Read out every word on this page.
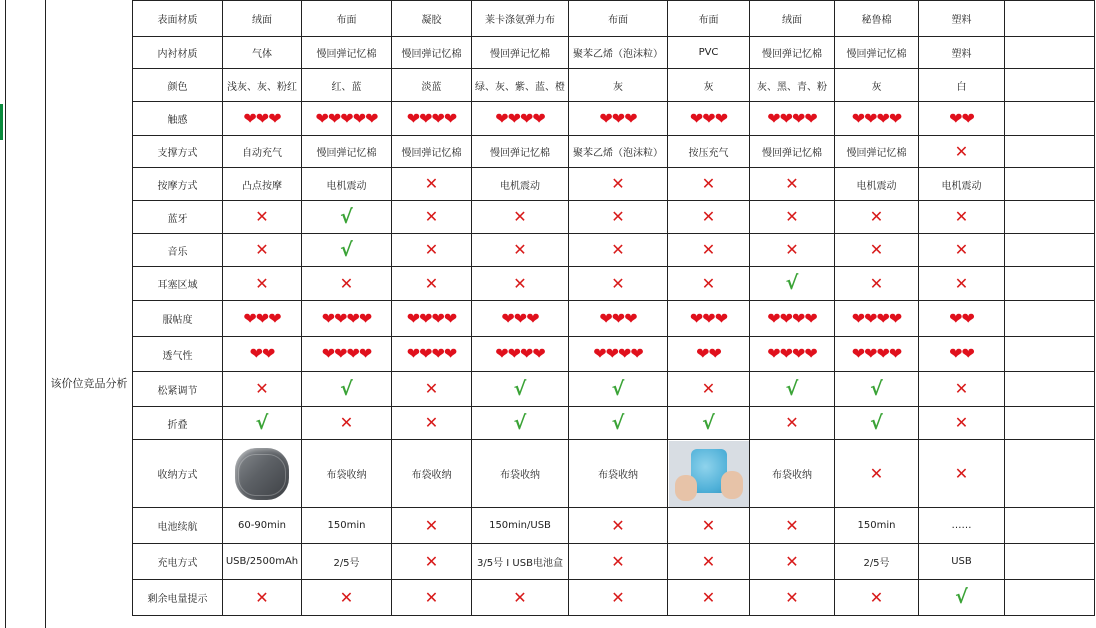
该价位竞品分析
表面材质	绒面	布面	凝胶	莱卡涤氨弹力布	布面	布面	绒面	秘鲁棉	塑料	
内衬材质	气体	慢回弹记忆棉	慢回弹记忆棉	慢回弹记忆棉	聚苯乙烯（泡沫粒）	PVC	慢回弹记忆棉	慢回弹记忆棉	塑料	
颜色	浅灰、灰、粉红	红、蓝	淡蓝	绿、灰、紫、蓝、橙	灰	灰	灰、黑、青、粉	灰	白	
触感	❤❤❤	❤❤❤❤❤	❤❤❤❤	❤❤❤❤	❤❤❤	❤❤❤	❤❤❤❤	❤❤❤❤	❤❤	
支撑方式	自动充气	慢回弹记忆棉	慢回弹记忆棉	慢回弹记忆棉	聚苯乙烯（泡沫粒）	按压充气	慢回弹记忆棉	慢回弹记忆棉	✕	
按摩方式	凸点按摩	电机震动	✕	电机震动	✕	✕	✕	电机震动	电机震动	
蓝牙	✕	√	✕	✕	✕	✕	✕	✕	✕	
音乐	✕	√	✕	✕	✕	✕	✕	✕	✕	
耳塞区域	✕	✕	✕	✕	✕	✕	√	✕	✕	
服帖度	❤❤❤	❤❤❤❤	❤❤❤❤	❤❤❤	❤❤❤	❤❤❤	❤❤❤❤	❤❤❤❤	❤❤	
透气性	❤❤	❤❤❤❤	❤❤❤❤	❤❤❤❤	❤❤❤❤	❤❤	❤❤❤❤	❤❤❤❤	❤❤	
松紧调节	✕	√	✕	√	√	✕	√	√	✕	
折叠	√	✕	✕	√	√	√	✕	√	✕	
收纳方式		布袋收纳	布袋收纳	布袋收纳	布袋收纳		布袋收纳	✕	✕	
电池续航	60-90min	150min	✕	150min/USB	✕	✕	✕	150min	……	
充电方式	USB/2500mAh	2/5号	✕	3/5号 I USB电池盒	✕	✕	✕	2/5号	USB	
剩余电量提示	✕	✕	✕	✕	✕	✕	✕	✕	√	
